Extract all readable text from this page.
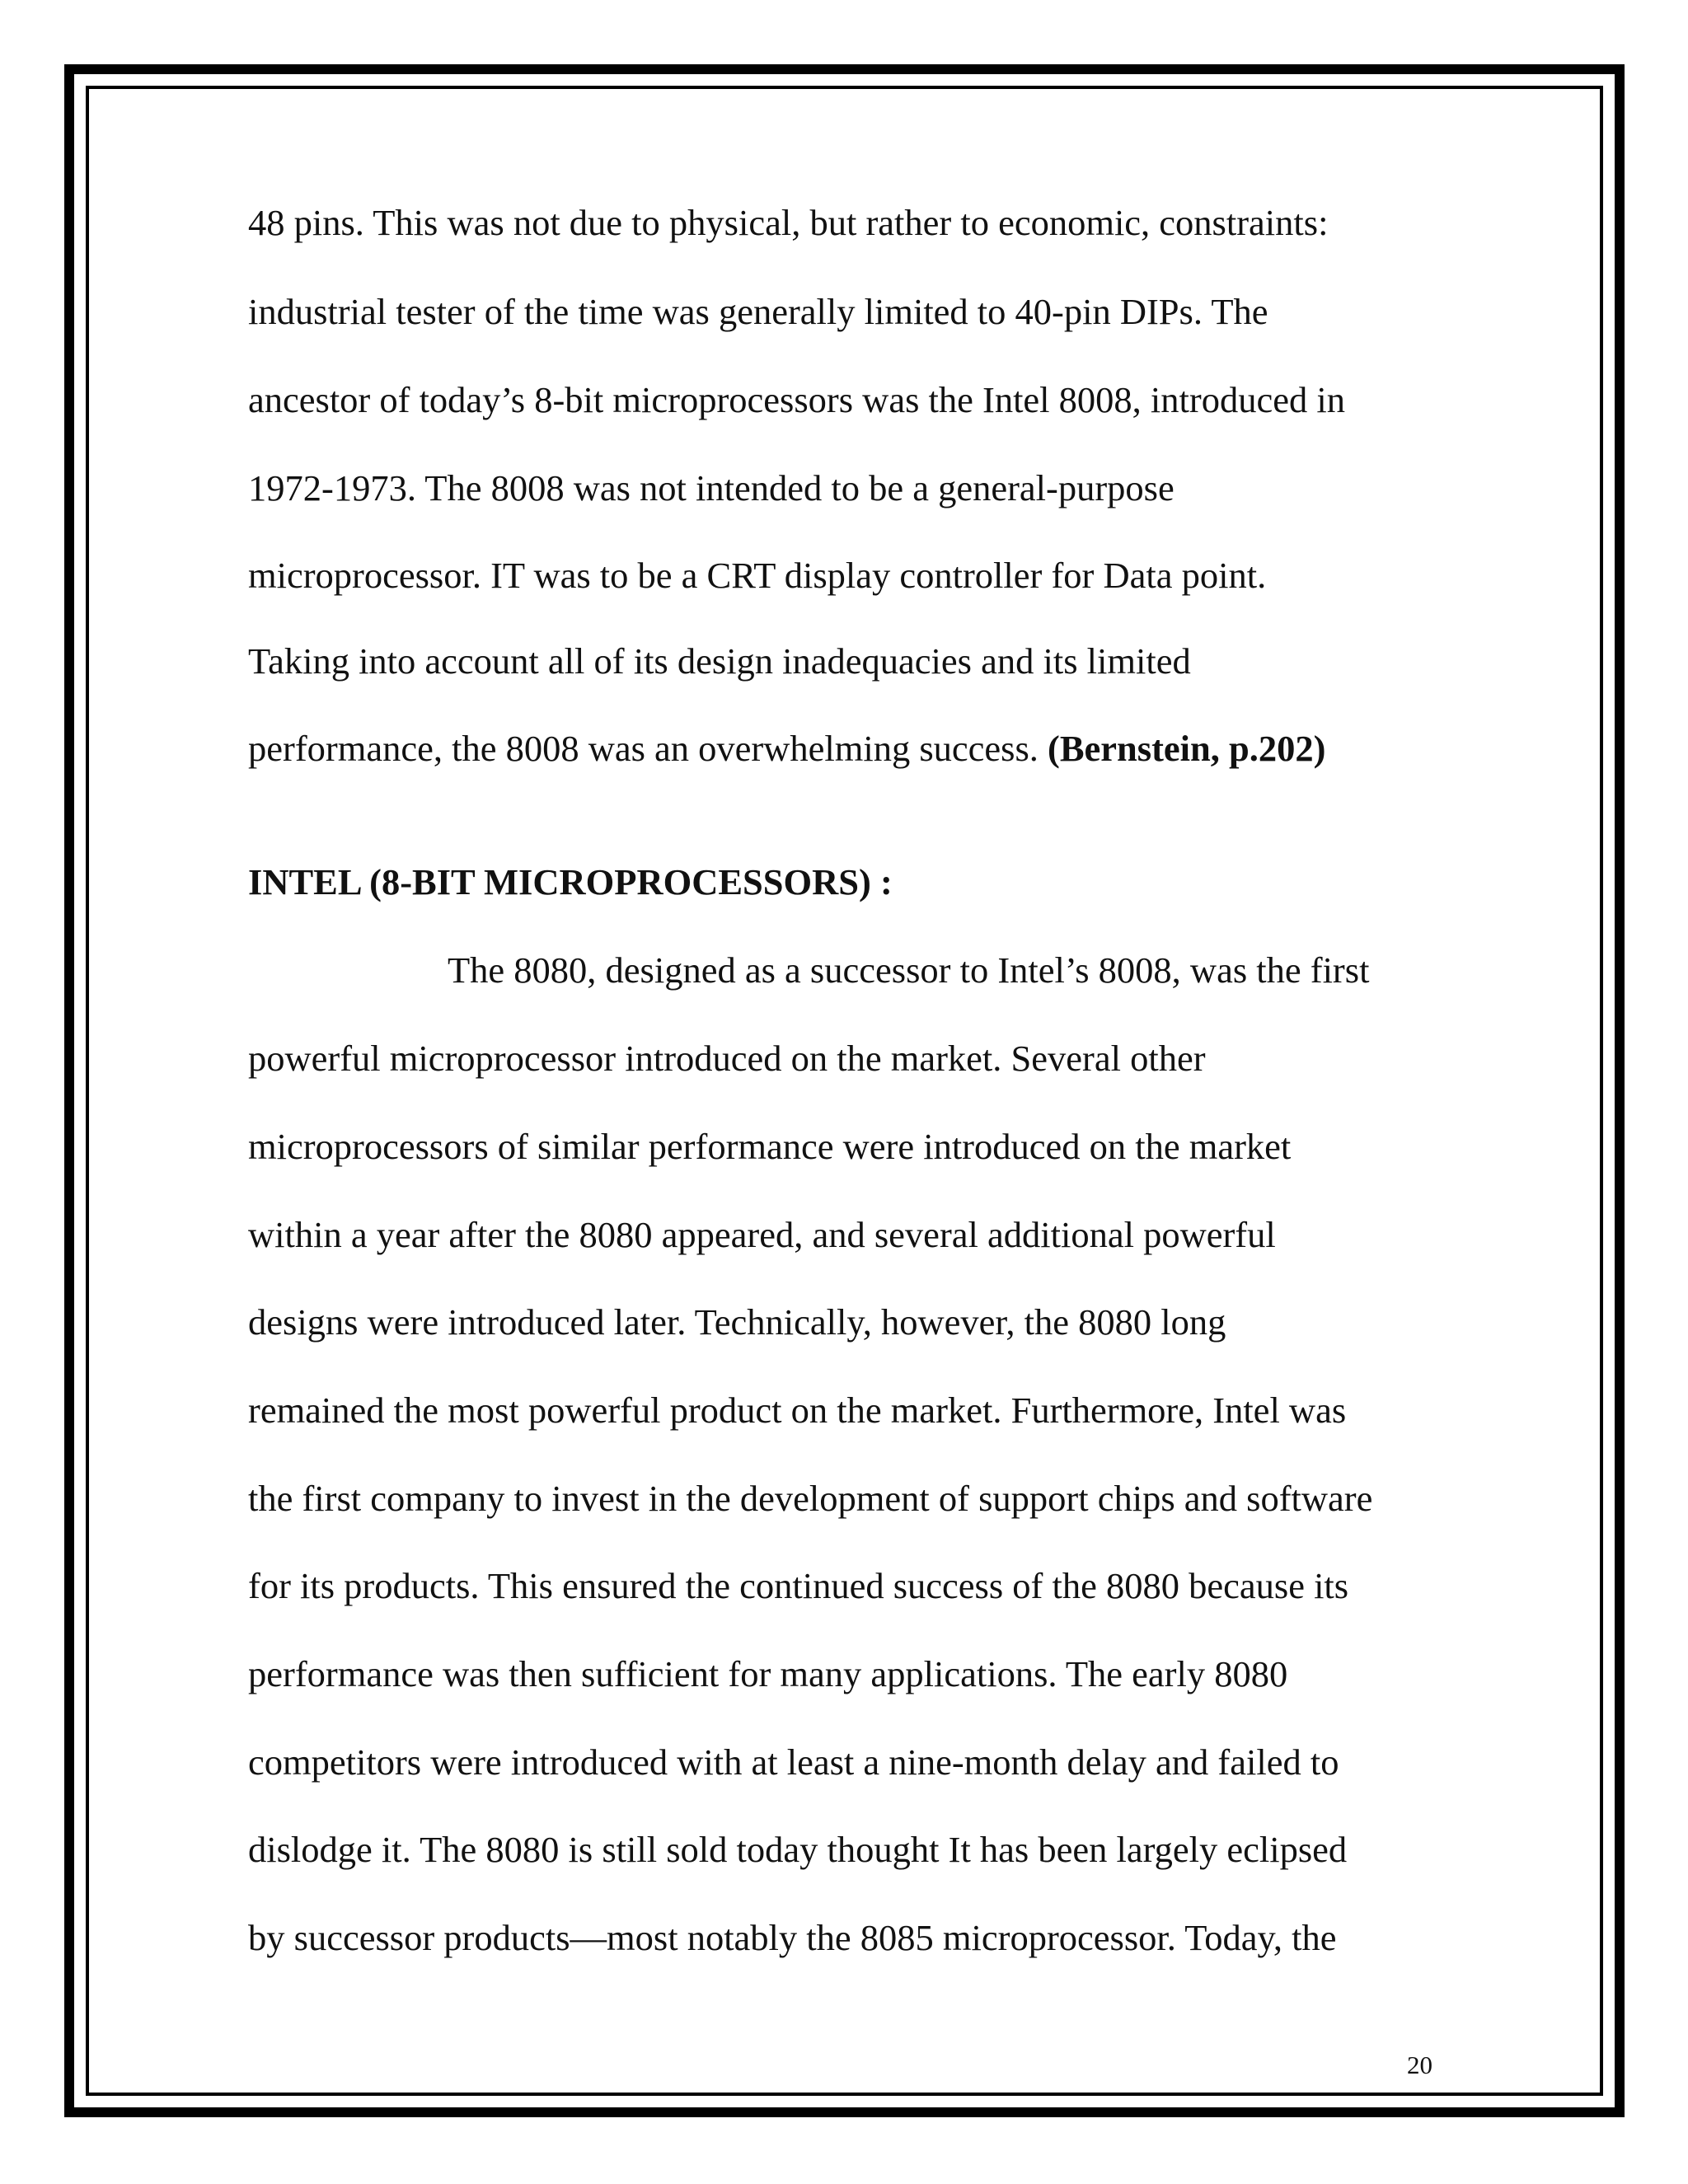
48 pins. This was not due to physical, but rather to economic, constraints:

industrial tester of the time was generally limited to 40-pin DIPs. The

ancestor of today’s 8-bit microprocessors was the Intel 8008, introduced in

1972-1973. The 8008 was not intended to be a general-purpose

microprocessor. IT was to be a CRT display controller for Data point.

Taking into account all of its design inadequacies and its limited

performance, the 8008 was an overwhelming success. (Bernstein, p.202)

INTEL (8-BIT MICROPROCESSORS) :

The 8080, designed as a successor to Intel’s 8008, was the first

powerful microprocessor introduced on the market. Several other

microprocessors of similar performance were introduced on the market

within a year after the 8080 appeared, and several additional powerful

designs were introduced later. Technically, however, the 8080 long

remained the most powerful product on the market. Furthermore, Intel was

the first company to invest in the development of support chips and software

for its products. This ensured the continued success of the 8080 because its

performance was then sufficient for many applications. The early 8080

competitors were introduced with at least a nine-month delay and failed to

dislodge it. The 8080 is still sold today thought It has been largely eclipsed

by successor products—most notably the 8085 microprocessor. Today, the

20
